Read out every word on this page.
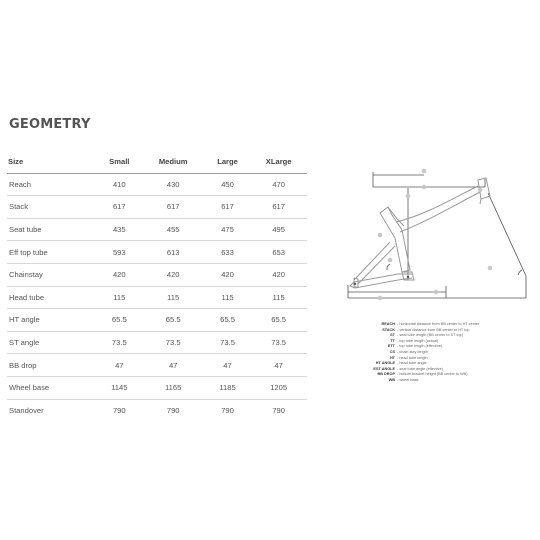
GEOMETRY
Size	Small	Medium	Large	XLarge
Reach	410	430	450	470
Stack	617	617	617	617
Seat tube	435	455	475	495
Eff top tube	593	613	633	653
Chainstay	420	420	420	420
Head tube	115	115	115	115
HT angle	65.5	65.5	65.5	65.5
ST angle	73.5	73.5	73.5	73.5
BB drop	47	47	47	47
Wheel base	1145	1165	1185	1205
Standover	790	790	790	790
REACH - horizontal distance from BB center to HT center
STACK - vertical distance from BB center to HT top
ST - seat tube length (BB center to ST top)
TT - top tube length (actual)
ETT - top tube length (effective)
CS - chain stay length
HT - head tube length
HT ANGLE - head tube angle
EST ANGLE - seat tube angle (effective)
BB DROP - bottom bracket height (BB center to WB)
WB - wheel base
